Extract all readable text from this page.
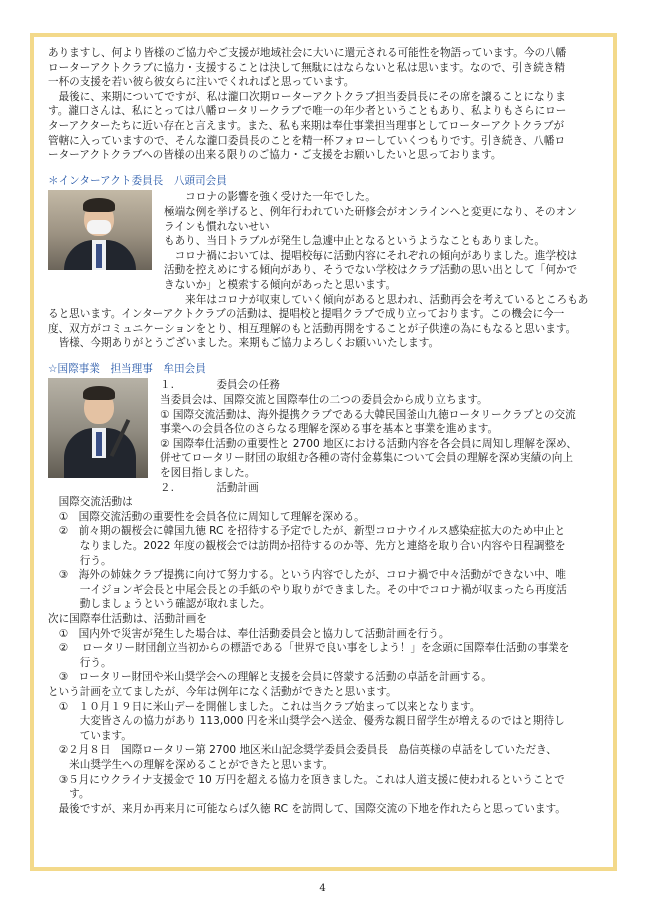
ありますし、何より皆様のご協力やご支援が地域社会に大いに還元される可能性を物語っています。今の八幡

ローターアクトクラブに協力・支援することは決して無駄にはならないと私は思います。なので、引き続き精

一杯の支援を若い彼ら彼女らに注いでくれればと思っています。

　最後に、来期についてですが、私は瀧口次期ローターアクトクラブ担当委員長にその席を譲ることになりま

す。瀧口さんは、私にとっては八幡ロータリークラブで唯一の年少者ということもあり、私よりもさらにロー

ターアクターたちに近い存在と言えます。また、私も来期は奉仕事業担当理事としてローターアクトクラブが

管轄に入っていますので、そんな瀧口委員長のことを精一杯フォローしていくつもりです。引き続き、八幡ロ

ーターアクトクラブへの皆様の出来る限りのご協力・ご支援をお願いしたいと思っております。

＊インターアクト委員長　八頭司会員

　　コロナの影響を強く受けた一年でした。

極端な例を挙げると、例年行われていた研修会がオンラインへと変更になり、そのオン

ラインも慣れないせい

もあり、当日トラブルが発生し急遽中止となるというようなこともありました。

　コロナ禍においては、提唱校毎に活動内容にそれぞれの傾向がありました。進学校は

活動を控えめにする傾向があり、そうでない学校はクラブ活動の思い出として「何かで

きないか」と模索する傾向があったと思います。

　　来年はコロナが収束していく傾向があると思われ、活動再会を考えているところもあ

ると思います。インターアクトクラブの活動は、提唱校と提唱クラブで成り立っております。この機会に今一

度、双方がコミュニケーションをとり、相互理解のもと活動再開をすることが子供達の為にもなると思います。

　皆様、今期ありがとうございました。来期もご協力よろしくお願いいたします。

☆国際事業　担当理事　牟田会員

１.　　　　委員会の任務

当委員会は、国際交流と国際奉仕の二つの委員会から成り立ちます。

① 国際交流活動は、海外提携クラブである大韓民国釜山九徳ロータリークラブとの交流

事業への会員各位のさらなる理解を深める事を基本と事業を進めます。

② 国際奉仕活動の重要性と 2700 地区における活動内容を各会員に周知し理解を深め、

併せてロータリー財団の取組む各種の寄付金募集について会員の理解を深め実績の向上

を図目指しました。

２.　　　　活動計画

　国際交流活動は

　①　国際交流活動の重要性を会員各位に周知して理解を深める。

　②　前々期の観桜会に韓国九徳 RC を招待する予定でしたが、新型コロナウイルス感染症拡大のため中止と

　　　なりました。2022 年度の観桜会では訪問か招待するのか等、先方と連絡を取り合い内容や日程調整を

　　　行う。

　③　海外の姉妹クラブ提携に向けて努力する。という内容でしたが、コロナ禍で中々活動ができない中、唯

　　　一イジョンギ会長と中尾会長との手紙のやり取りができました。その中でコロナ禍が収まったら再度活

　　　動しましょうという確認が取れました。

次に国際奉仕活動は、活動計画を

　①　国内外で災害が発生した場合は、奉仕活動委員会と協力して活動計画を行う。

　②　 ロータリー財団創立当初からの標語である「世界で良い事をしよう！」を念頭に国際奉仕活動の事業を

　　　行う。

　③　ロータリー財団や米山奨学会への理解と支援を会員に啓蒙する活動の卓話を計画する。

という計画を立てましたが、今年は例年になく活動ができたと思います。

　①　１０月１９日に米山デーを開催しました。これは当クラブ始まって以来となります。

　　　大変皆さんの協力があり 113,000 円を米山奨学会へ送金、優秀な親日留学生が増えるのではと期待し

　　　ています。

　②２月８日　国際ロータリー第 2700 地区米山記念奨学委員会委員長　島信英様の卓話をしていただき、

　　米山奨学生への理解を深めることができたと思います。

　③５月にウクライナ支援金で 10 万円を超える協力を頂きました。これは人道支援に使われるということで

　　す。

　最後ですが、来月か再来月に可能ならば久徳 RC を訪問して、国際交流の下地を作れたらと思っています。

4
